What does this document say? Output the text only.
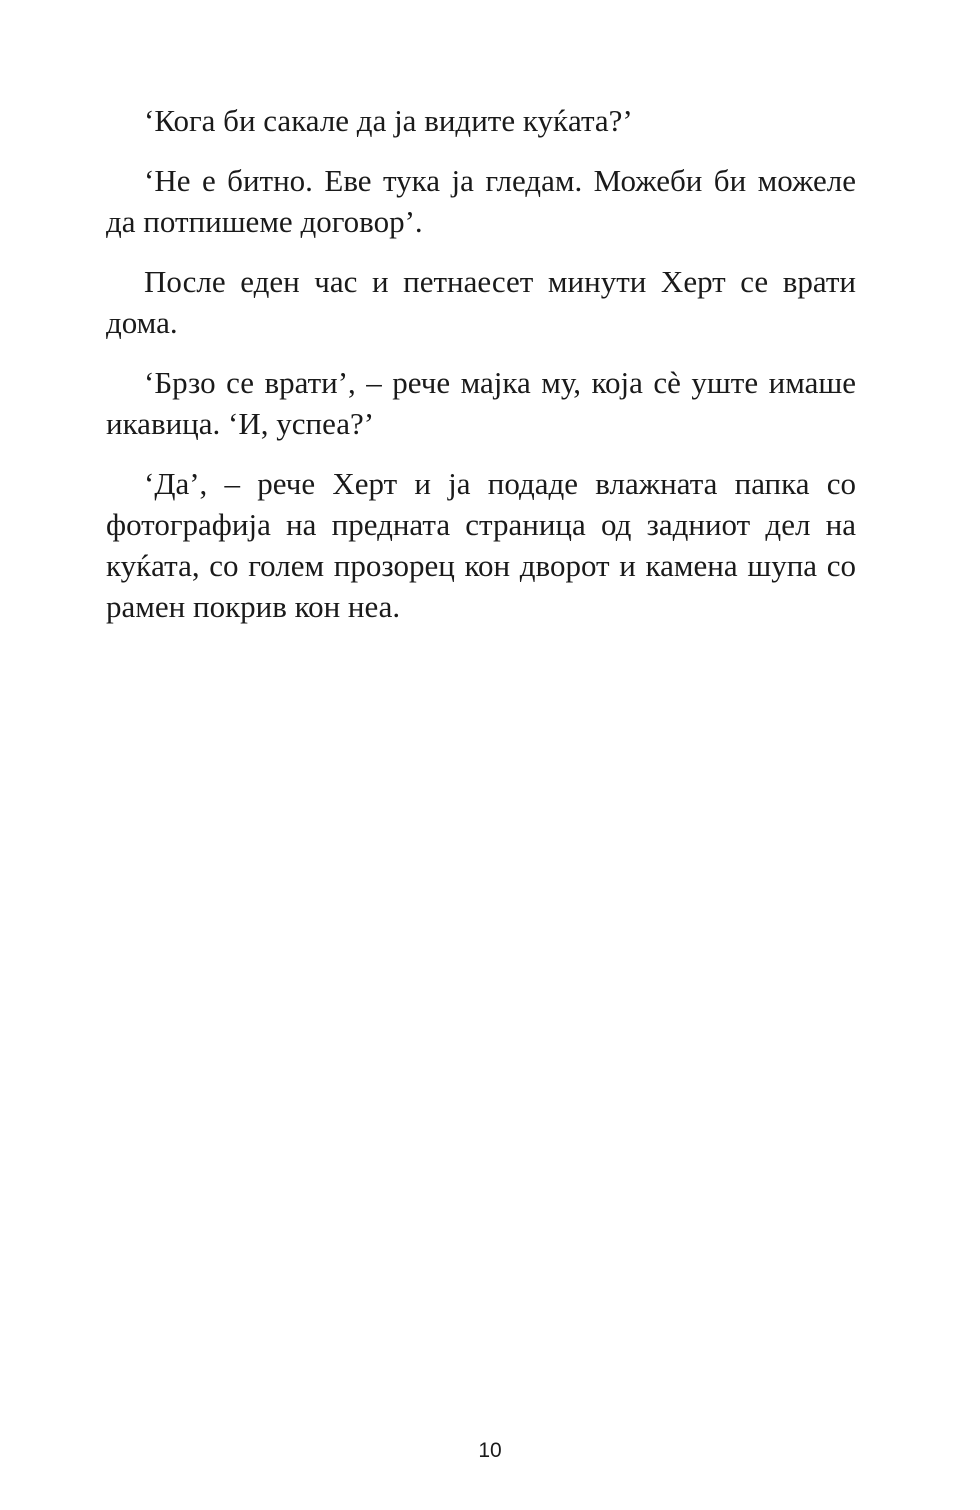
‘Кога би сакале да ја видите куќата?’

‘Не е битно. Еве тука ја гледам. Можеби би можеле да потпишеме договор’.

После еден час и петнаесет минути Херт се врати дома.

‘Брзо се врати’, – рече мајка му, која сè уште имаше икавица. ‘И, успеа?’

‘Да’, – рече Херт и ја подаде влажната папка со фотографија на предната страница од задниот дел на куќата, со голем прозорец кон дворот и камена шупа со рамен покрив кон неа.

10
